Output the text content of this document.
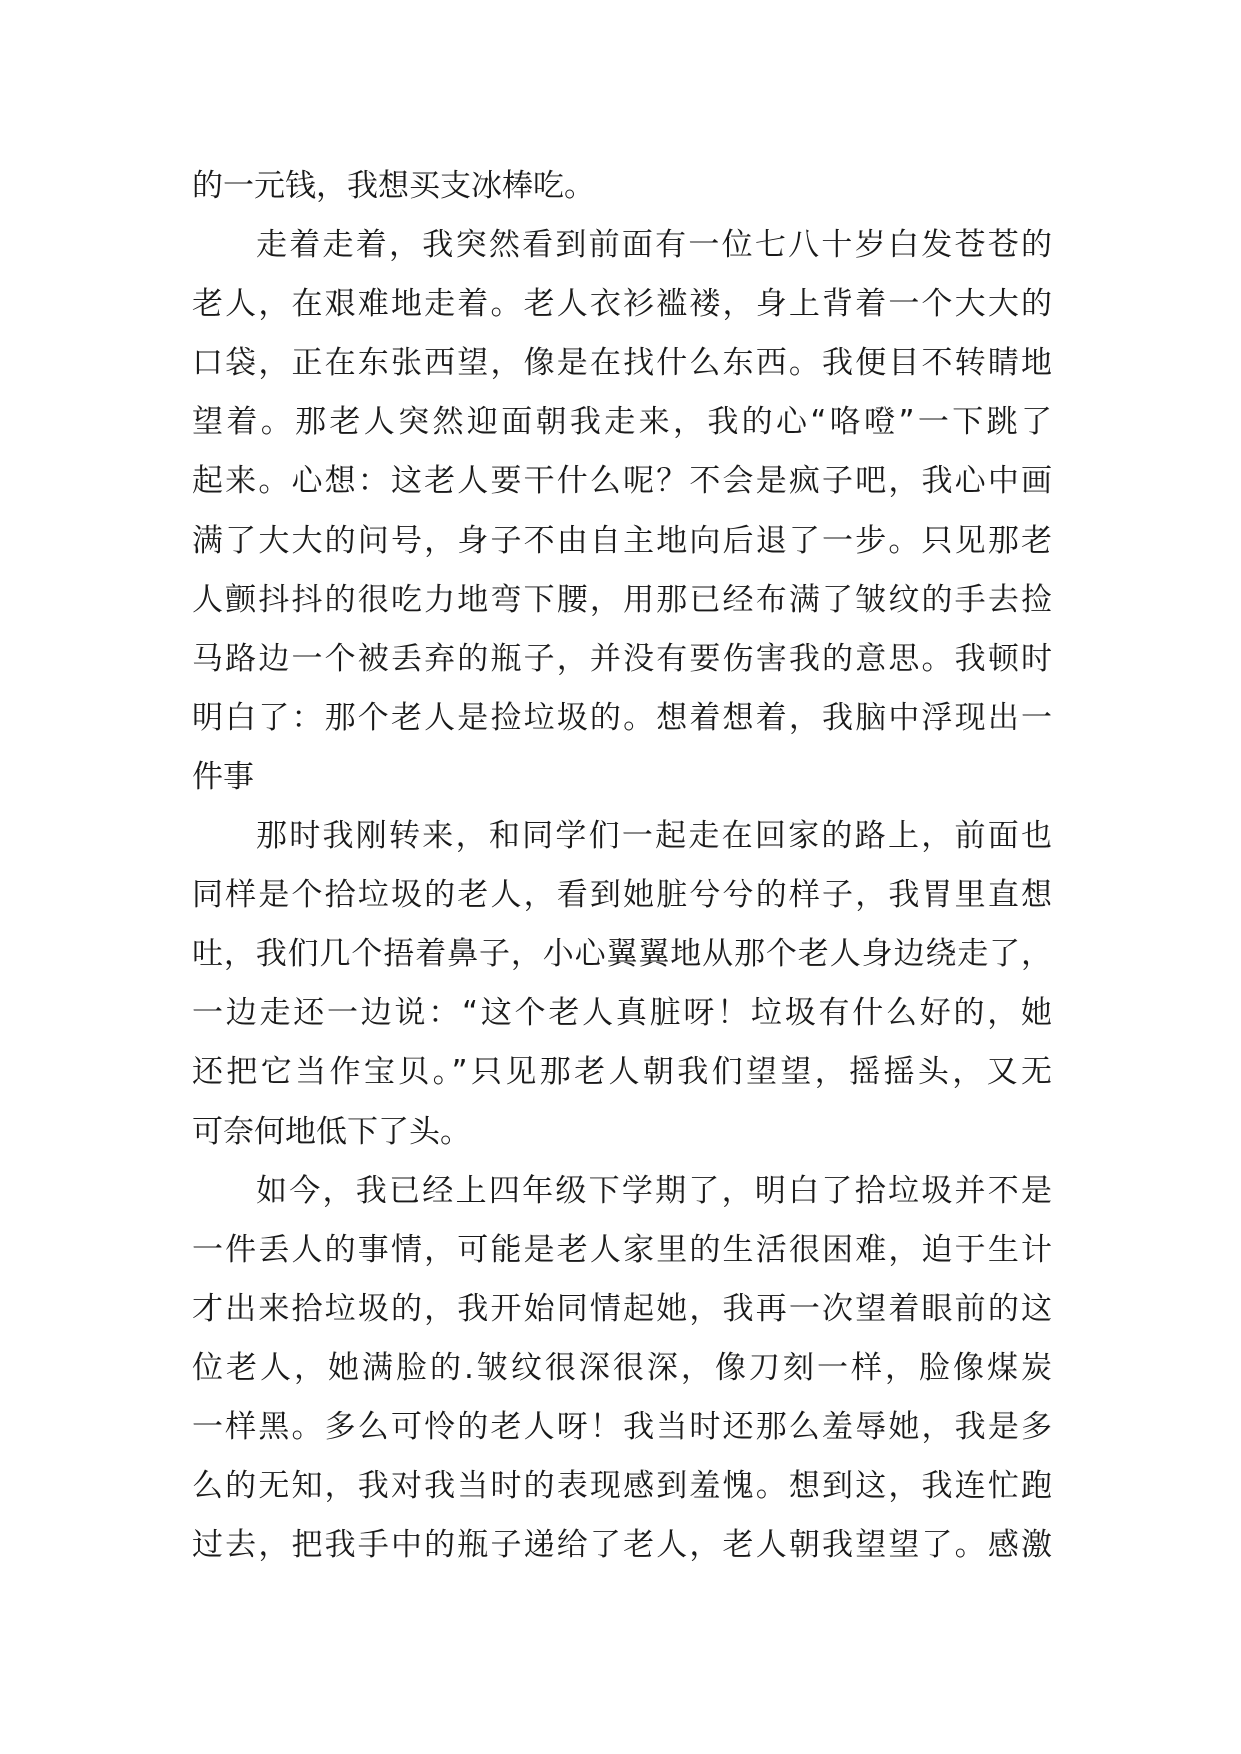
的一元钱，我想买支冰棒吃。
走着走着，我突然看到前面有一位七八十岁白发苍苍的
老人，在艰难地走着。老人衣衫褴褛，身上背着一个大大的
口袋，正在东张西望，像是在找什么东西。我便目不转睛地
望着。那老人突然迎面朝我走来，我的心“咯噔”一下跳了
起来。心想：这老人要干什么呢？不会是疯子吧，我心中画
满了大大的问号，身子不由自主地向后退了一步。只见那老
人颤抖抖的很吃力地弯下腰，用那已经布满了皱纹的手去捡
马路边一个被丢弃的瓶子，并没有要伤害我的意思。我顿时
明白了：那个老人是捡垃圾的。想着想着，我脑中浮现出一
件事
那时我刚转来，和同学们一起走在回家的路上，前面也
同样是个拾垃圾的老人，看到她脏兮兮的样子，我胃里直想
吐，我们几个捂着鼻子，小心翼翼地从那个老人身边绕走了，
一边走还一边说：“这个老人真脏呀！垃圾有什么好的，她
还把它当作宝贝。”只见那老人朝我们望望，摇摇头，又无
可奈何地低下了头。
如今，我已经上四年级下学期了，明白了拾垃圾并不是
一件丢人的事情，可能是老人家里的生活很困难，迫于生计
才出来拾垃圾的，我开始同情起她，我再一次望着眼前的这
位老人，她满脸的.皱纹很深很深，像刀刻一样，脸像煤炭
一样黑。多么可怜的老人呀！我当时还那么羞辱她，我是多
么的无知，我对我当时的表现感到羞愧。想到这，我连忙跑
过去，把我手中的瓶子递给了老人，老人朝我望望了。感激
